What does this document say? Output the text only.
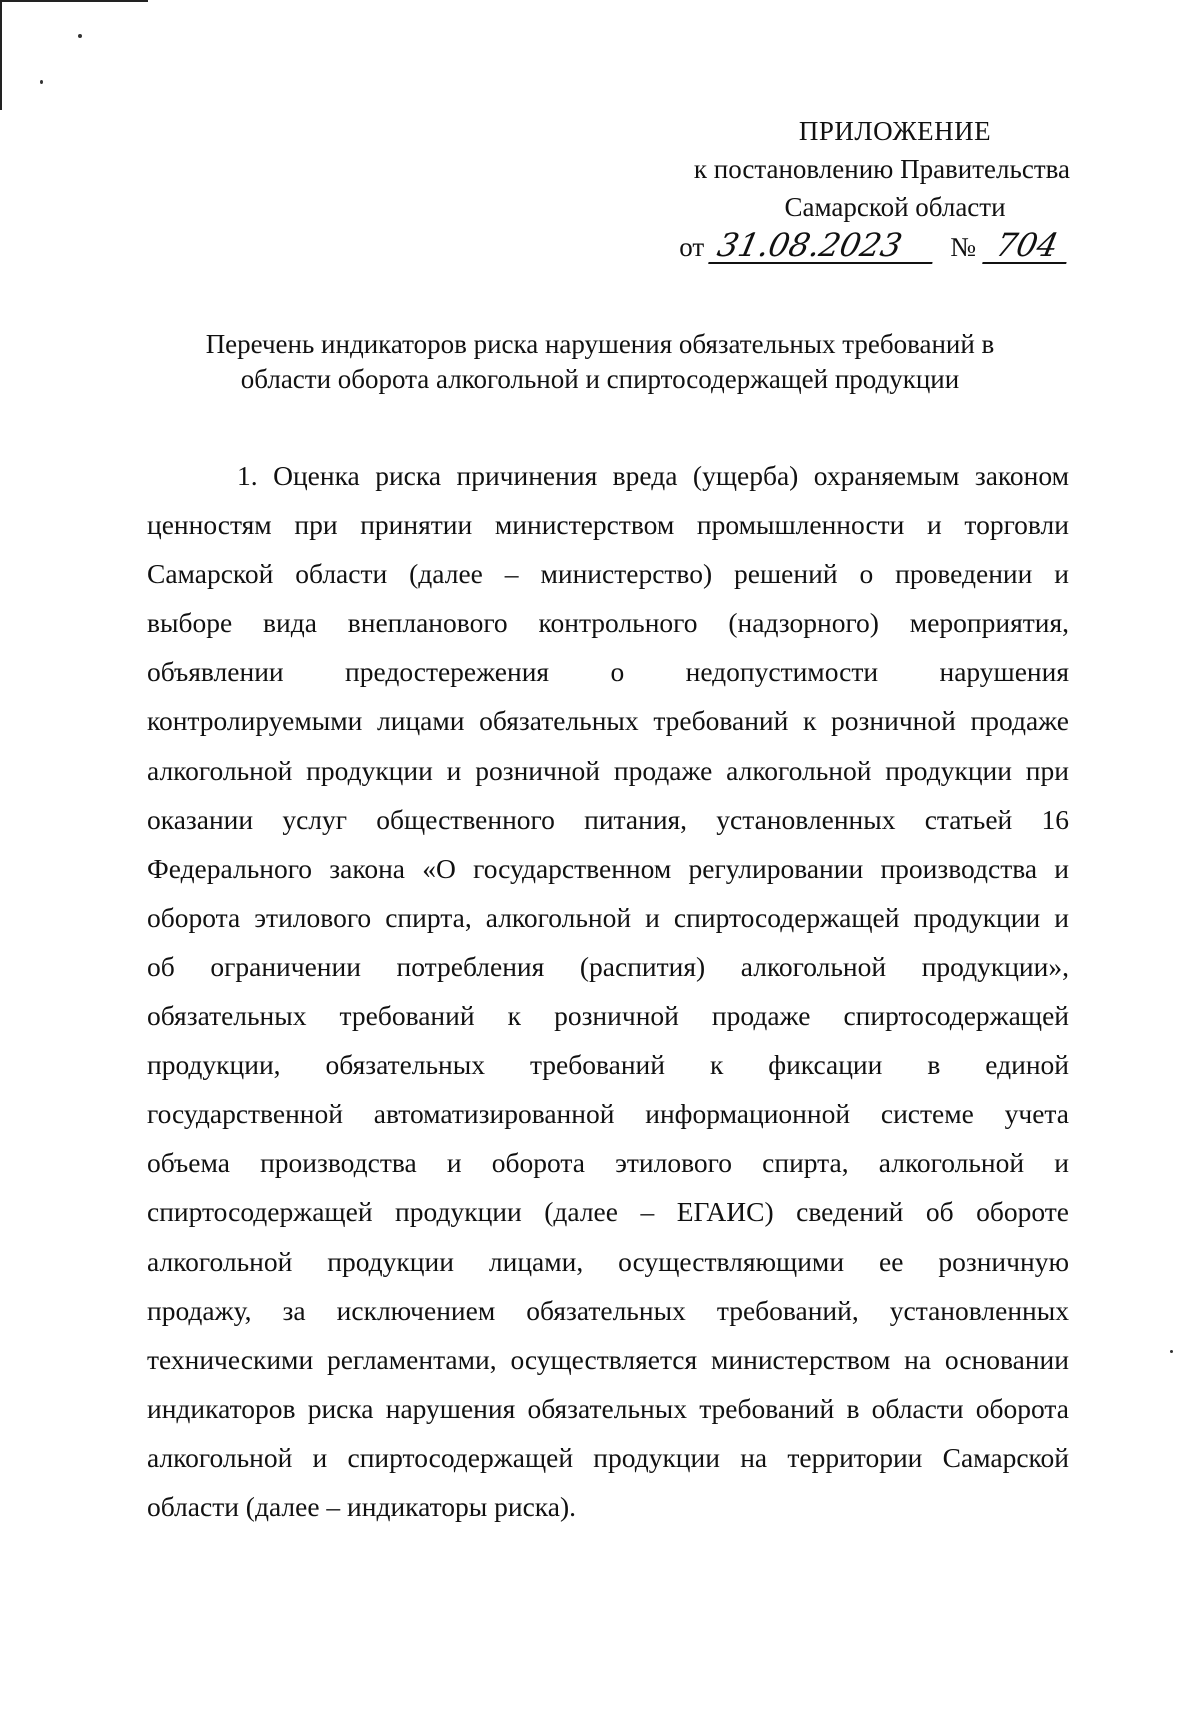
ПРИЛОЖЕНИЕ
к постановлению Правительства
Самарской области
от 31.08.2023	№ 704
Перечень индикаторов риска нарушения обязательных требований в
области оборота алкогольной и спиртосодержащей продукции
1. Оценка риска причинения вреда (ущерба) охраняемым законом
ценностям при принятии министерством промышленности и торговли
Самарской области (далее – министерство) решений о проведении и
выборе вида внепланового контрольного (надзорного) мероприятия,
объявлении предостережения о недопустимости нарушения
контролируемыми лицами обязательных требований к розничной продаже
алкогольной продукции и розничной продаже алкогольной продукции при
оказании услуг общественного питания, установленных статьей 16
Федерального закона «О государственном регулировании производства и
оборота этилового спирта, алкогольной и спиртосодержащей продукции и
об ограничении потребления (распития) алкогольной продукции»,
обязательных требований к розничной продаже спиртосодержащей
продукции, обязательных требований к фиксации в единой
государственной автоматизированной информационной системе учета
объема производства и оборота этилового спирта, алкогольной и
спиртосодержащей продукции (далее – ЕГАИС) сведений об обороте
алкогольной продукции лицами, осуществляющими ее розничную
продажу, за исключением обязательных требований, установленных
техническими регламентами, осуществляется министерством на основании
индикаторов риска нарушения обязательных требований в области оборота
алкогольной и спиртосодержащей продукции на территории Самарской
области (далее – индикаторы риска).
